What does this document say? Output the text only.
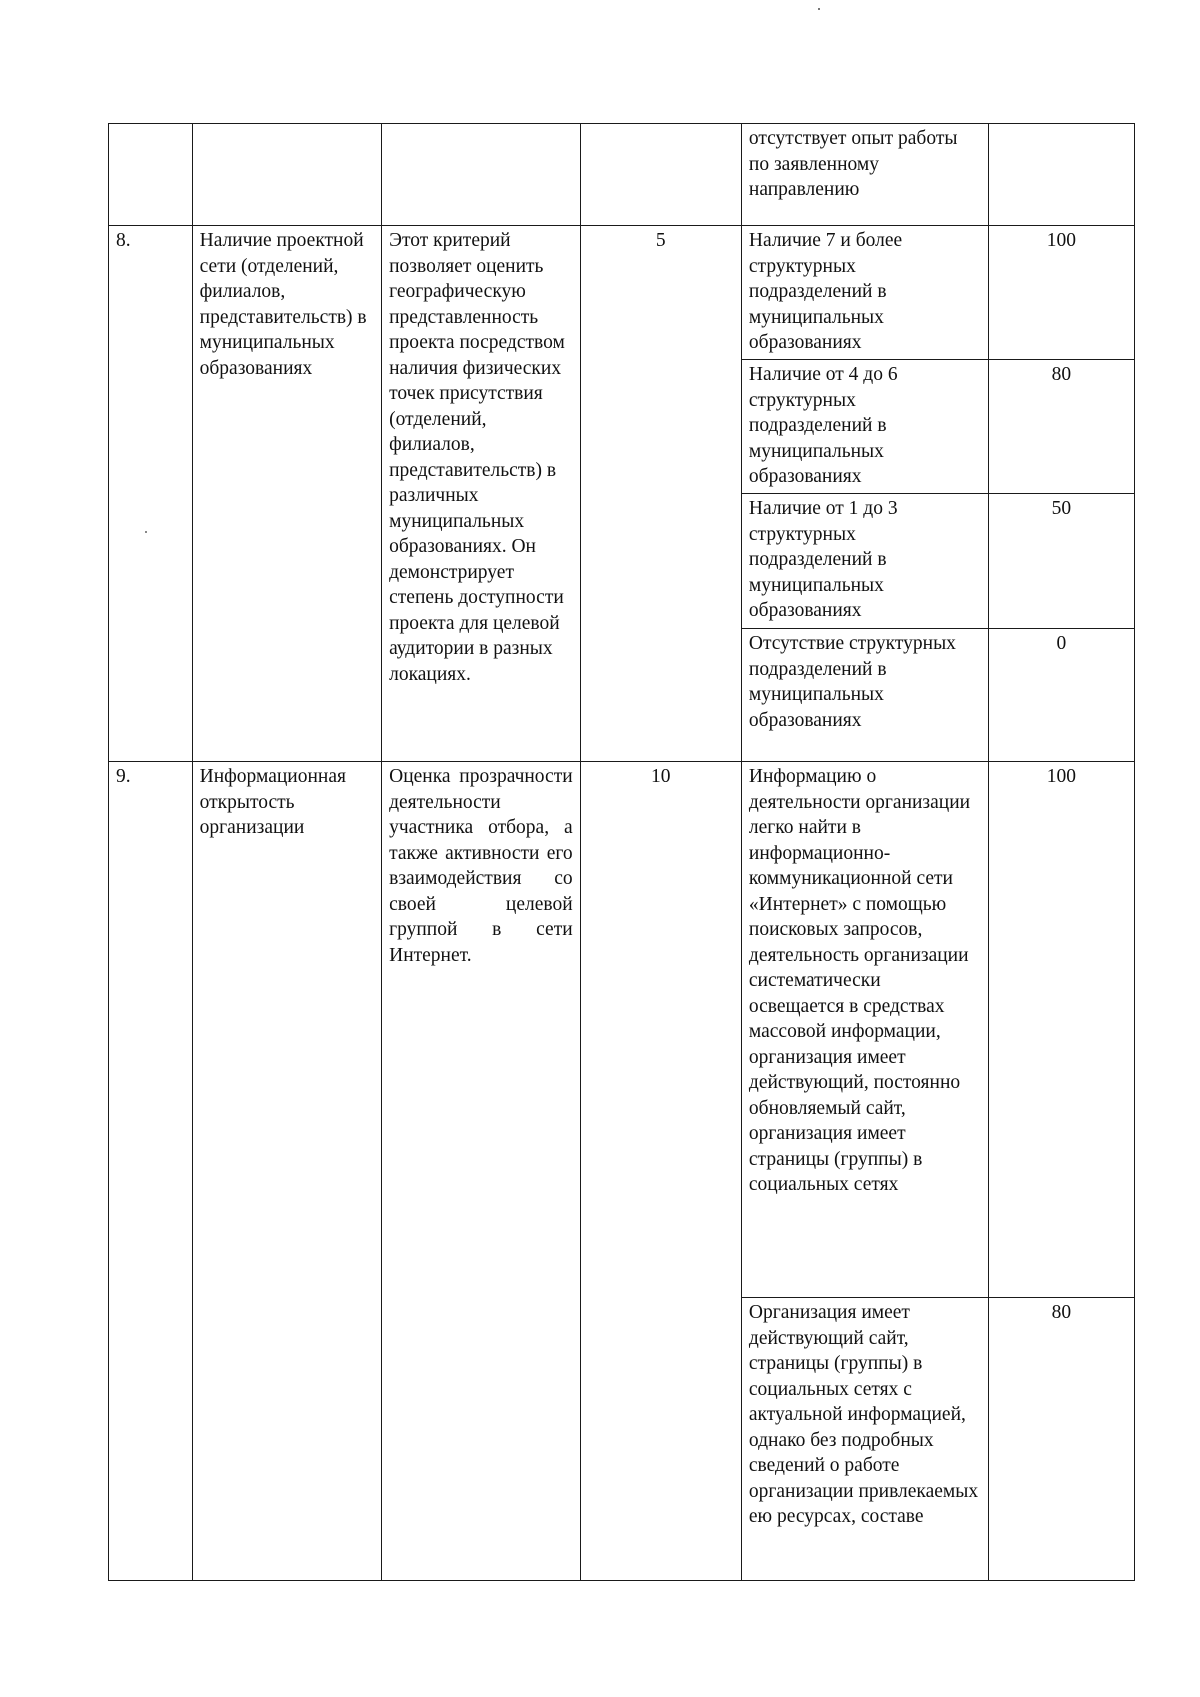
				отсутствует опыт работы по заявленному направлению	
8.	Наличие проектной сети (отделений, филиалов, представительств) в муниципальных образованиях	Этот критерий позволяет оценить географическую представленность проекта посредством наличия физических точек присутствия (отделений, филиалов, представительств) в различных муниципальных образованиях. Он демонстрирует степень доступности проекта для целевой аудитории в разных локациях.	5	Наличие 7 и более структурных подразделений в муниципальных образованиях	100
				Наличие от 4 до 6 структурных подразделений в муниципальных образованиях	80
				Наличие от 1 до 3 структурных подразделений в муниципальных образованиях	50
				Отсутствие структурных подразделений в муниципальных образованиях	0
9.	Информационная открытость организации	Оценка прозрачности деятельности участника отбора, а также активности его взаимодействия со своей целевой группой в сети Интернет.	10	Информацию о деятельности организации легко найти в информационно-коммуникационной сети «Интернет» с помощью поисковых запросов, деятельность организации систематически освещается в средствах массовой информации, организация имеет действующий, постоянно обновляемый сайт, организация имеет страницы (группы) в социальных сетях	100
				Организация имеет действующий сайт, страницы (группы) в социальных сетях с актуальной информацией, однако без подробных сведений о работе организации привлекаемых ею ресурсах, составе	80
